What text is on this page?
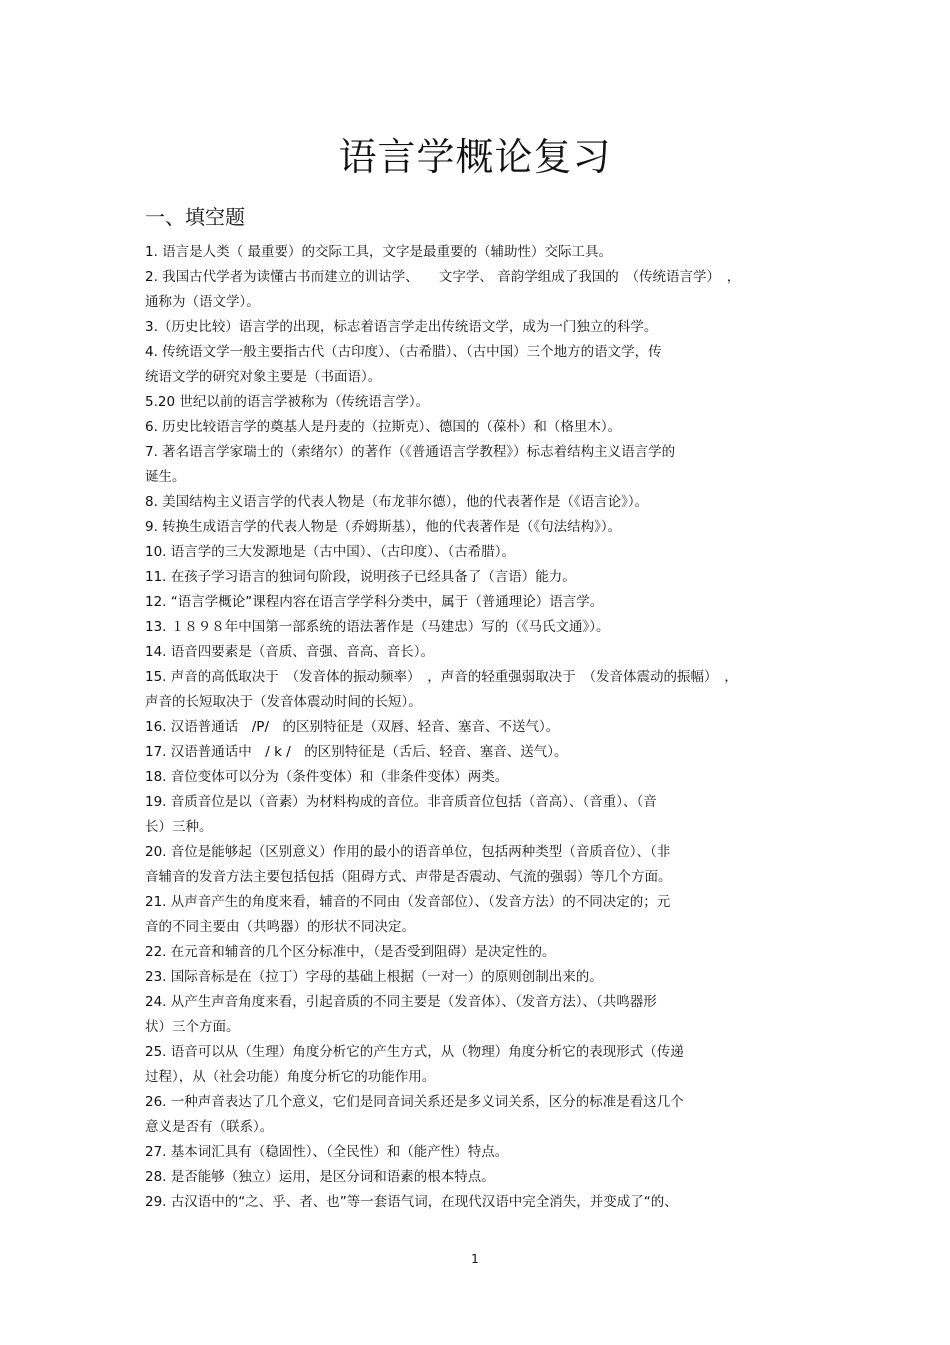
语言学概论复习
一、填空题
1. 语言是人类（ 最重要）的交际工具，文字是最重要的（辅助性）交际工具。
2. 我国古代学者为读懂古书而建立的训诂学、　　文字学、 音韵学组成了我国的　（传统语言学）　，
通称为（语文学）。
3.（历史比较）语言学的出现，标志着语言学走出传统语文学，成为一门独立的科学。
4. 传统语文学一般主要指古代（古印度）、（古希腊）、（古中国）三个地方的语文学，传
统语文学的研究对象主要是（书面语）。
5.20 世纪以前的语言学被称为（传统语言学）。
6. 历史比较语言学的奠基人是丹麦的（拉斯克）、德国的（葆朴）和（格里木）。
7. 著名语言学家瑞士的（索绪尔）的著作（《普通语言学教程》）标志着结构主义语言学的
诞生。
8. 美国结构主义语言学的代表人物是（布龙菲尔德），他的代表著作是（《语言论》）。
9. 转换生成语言学的代表人物是（乔姆斯基），他的代表著作是（《句法结构》）。
10. 语言学的三大发源地是（古中国）、（古印度）、（古希腊）。
11. 在孩子学习语言的独词句阶段，说明孩子已经具备了（言语）能力。
12. “语言学概论”课程内容在语言学学科分类中，属于（普通理论）语言学。
13. １８９８年中国第一部系统的语法著作是（马建忠）写的（《马氏文通》）。
14. 语音四要素是（音质、音强、音高、音长）。
15. 声音的高低取决于　（发音体的振动频率）　，声音的轻重强弱取决于　（发音体震动的振幅）　，
声音的长短取决于（发音体震动时间的长短）。
16. 汉语普通话　/P/　的区别特征是（双唇、轻音、塞音、不送气）。
17. 汉语普通话中　/ k /　的区别特征是（舌后、轻音、塞音、送气）。
18. 音位变体可以分为（条件变体）和（非条件变体）两类。
19. 音质音位是以（音素）为材料构成的音位。非音质音位包括（音高）、（音重）、（音
长）三种。
20. 音位是能够起（区别意义）作用的最小的语音单位，包括两种类型（音质音位）、（非
音辅音的发音方法主要包括包括（阻碍方式、声带是否震动、气流的强弱）等几个方面。
21. 从声音产生的角度来看，辅音的不同由（发音部位）、（发音方法）的不同决定的；元
音的不同主要由（共鸣器）的形状不同决定。
22. 在元音和辅音的几个区分标准中，（是否受到阻碍）是决定性的。
23. 国际音标是在（拉丁）字母的基础上根据（一对一）的原则创制出来的。
24. 从产生声音角度来看，引起音质的不同主要是（发音体）、（发音方法）、（共鸣器形
状）三个方面。
25. 语音可以从（生理）角度分析它的产生方式，从（物理）角度分析它的表现形式（传递
过程），从（社会功能）角度分析它的功能作用。
26. 一种声音表达了几个意义，它们是同音词关系还是多义词关系，区分的标准是看这几个
意义是否有（联系）。
27. 基本词汇具有（稳固性）、（全民性）和（能产性）特点。
28. 是否能够（独立）运用，是区分词和语素的根本特点。
29. 古汉语中的“之、乎、者、也”等一套语气词，在现代汉语中完全消失，并变成了“的、
1
